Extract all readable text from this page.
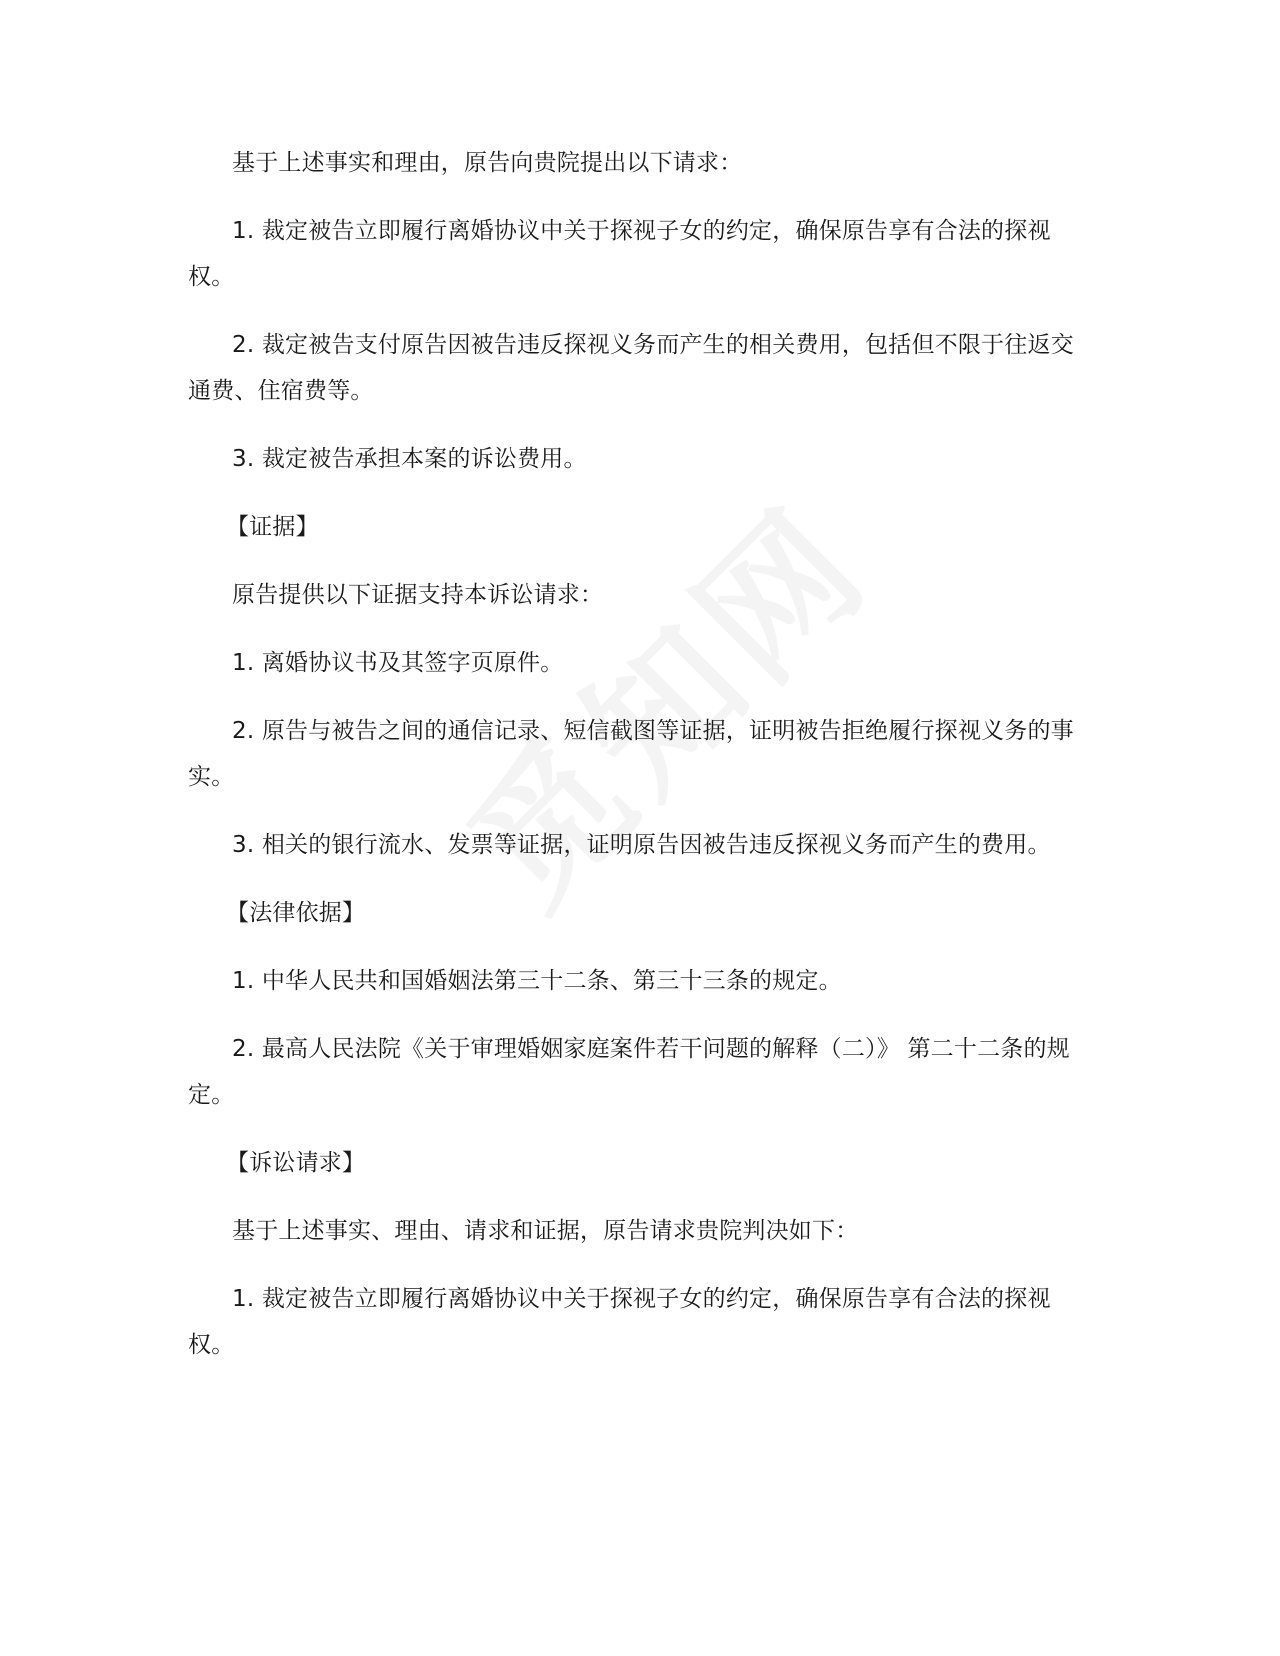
基于上述事实和理由，原告向贵院提出以下请求：

1. 裁定被告立即履行离婚协议中关于探视子女的约定，确保原告享有合法的探视权。

2. 裁定被告支付原告因被告违反探视义务而产生的相关费用，包括但不限于往返交通费、住宿费等。

3. 裁定被告承担本案的诉讼费用。

【证据】

原告提供以下证据支持本诉讼请求：

1. 离婚协议书及其签字页原件。

2. 原告与被告之间的通信记录、短信截图等证据，证明被告拒绝履行探视义务的事实。

3. 相关的银行流水、发票等证据，证明原告因被告违反探视义务而产生的费用。

【法律依据】

1. 中华人民共和国婚姻法第三十二条、第三十三条的规定。

2. 最高人民法院《关于审理婚姻家庭案件若干问题的解释（二）》 第二十二条的规定。

【诉讼请求】

基于上述事实、理由、请求和证据，原告请求贵院判决如下：

1. 裁定被告立即履行离婚协议中关于探视子女的约定，确保原告享有合法的探视权。
